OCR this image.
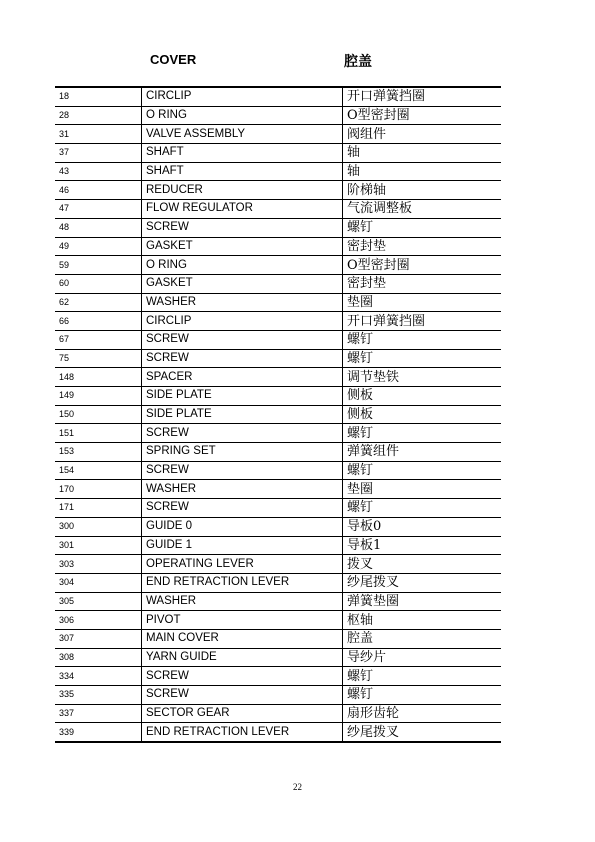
COVER	腔盖
18	CIRCLIP	开口弹簧挡圈
28	O RING	O型密封圈
31	VALVE ASSEMBLY	阀组件
37	SHAFT	轴
43	SHAFT	轴
46	REDUCER	阶梯轴
47	FLOW REGULATOR	气流调整板
48	SCREW	螺钉
49	GASKET	密封垫
59	O RING	O型密封圈
60	GASKET	密封垫
62	WASHER	垫圈
66	CIRCLIP	开口弹簧挡圈
67	SCREW	螺钉
75	SCREW	螺钉
148	SPACER	调节垫铁
149	SIDE PLATE	侧板
150	SIDE PLATE	侧板
151	SCREW	螺钉
153	SPRING SET	弹簧组件
154	SCREW	螺钉
170	WASHER	垫圈
171	SCREW	螺钉
300	GUIDE 0	导板0
301	GUIDE 1	导板1
303	OPERATING LEVER	拨叉
304	END RETRACTION LEVER	纱尾拨叉
305	WASHER	弹簧垫圈
306	PIVOT	枢轴
307	MAIN COVER	腔盖
308	YARN GUIDE	导纱片
334	SCREW	螺钉
335	SCREW	螺钉
337	SECTOR GEAR	扇形齿轮
339	END RETRACTION LEVER	纱尾拨叉
22
